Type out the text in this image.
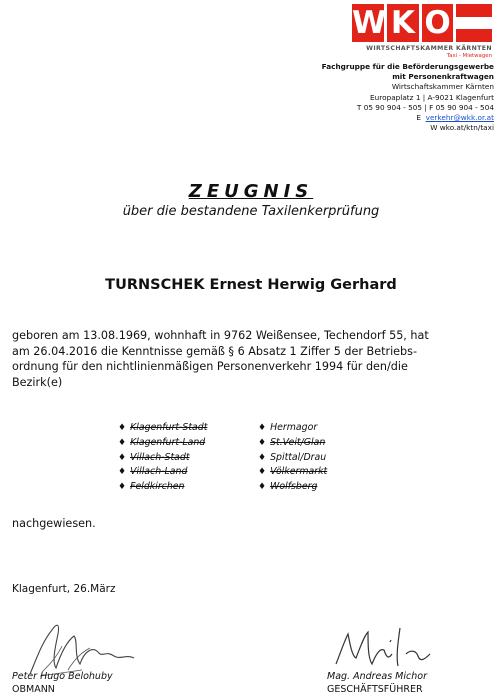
W K O
WIRTSCHAFTSKAMMER KÄRNTEN
Taxi - Mietwagen
Fachgruppe für die Beförderungsgewerbe
mit Personenkraftwagen
Wirtschaftskammer Kärnten
Europaplatz 1 | A-9021 Klagenfurt
T 05 90 904 - 505 | F 05 90 904 - 504
E verkehr@wkk.or.at
W wko.at/ktn/taxi
ZEUGNIS
über die bestandene Taxilenkerprüfung
TURNSCHEK Ernest Herwig Gerhard
geboren am 13.08.1969, wohnhaft in 9762 Weißensee, Techendorf 55, hat
am 26.04.2016 die Kenntnisse gemäß § 6 Absatz 1 Ziffer 5 der Betriebs-
ordnung für den nichtlinienmäßigen Personenverkehr 1994 für den/die
Bezirk(e)
♦ Klagenfurt-Stadt
♦ Klagenfurt-Land
♦ Villach-Stadt
♦ Villach-Land
♦ Feldkirchen
♦ Hermagor
♦ St.Veit/Glan
♦ Spittal/Drau
♦ Völkermarkt
♦ Wolfsberg
nachgewiesen.
Klagenfurt, 26.März
Peter Hugo Belohuby
OBMANN
Mag. Andreas Michor
GESCHÄFTSFÜHRER
